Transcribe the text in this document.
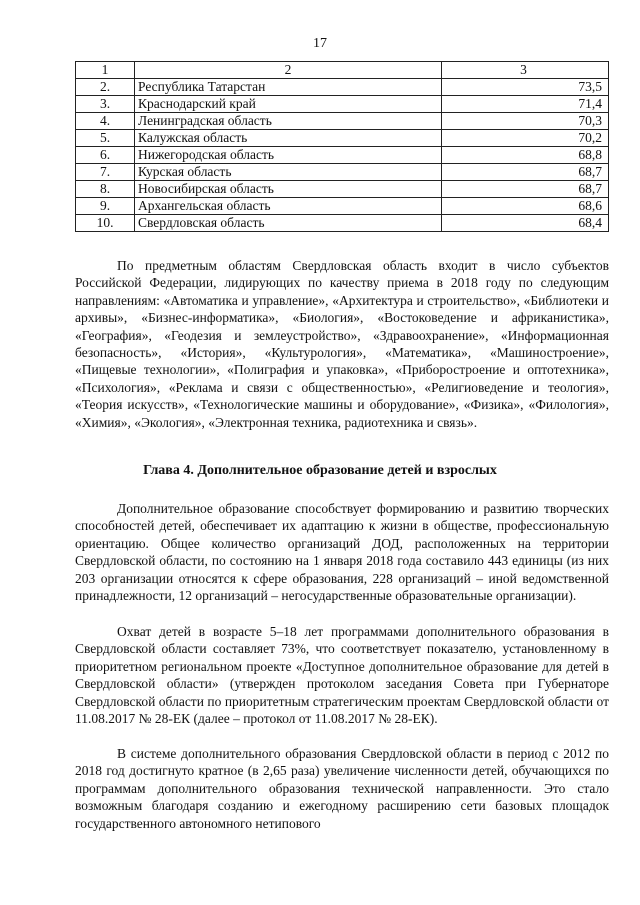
17
1	2	3
2.	Республика Татарстан	73,5
3.	Краснодарский край	71,4
4.	Ленинградская область	70,3
5.	Калужская область	70,2
6.	Нижегородская область	68,8
7.	Курская область	68,7
8.	Новосибирская область	68,7
9.	Архангельская область	68,6
10.	Свердловская область	68,4

По предметным областям Свердловская область входит в число субъектов Российской Федерации, лидирующих по качеству приема в 2018 году по следующим направлениям: «Автоматика и управление», «Архитектура и строительство», «Библиотеки и архивы», «Бизнес-информатика», «Биология», «Востоковедение и африканистика», «География», «Геодезия и землеустройство», «Здравоохранение», «Информационная безопасность», «История», «Культурология», «Математика», «Машиностроение», «Пищевые технологии», «Полиграфия и упаковка», «Приборостроение и оптотехника», «Психология», «Реклама и связи с общественностью», «Религиоведение и теология», «Теория искусств», «Технологические машины и оборудование», «Физика», «Филология», «Химия», «Экология», «Электронная техника, радиотехника и связь».

Глава 4. Дополнительное образование детей и взрослых

Дополнительное образование способствует формированию и развитию творческих способностей детей, обеспечивает их адаптацию к жизни в обществе, профессиональную ориентацию. Общее количество организаций ДОД, расположенных на территории Свердловской области, по состоянию на 1 января 2018 года составило 443 единицы (из них 203 организации относятся к сфере образования, 228 организаций – иной ведомственной принадлежности, 12 организаций – негосударственные образовательные организации).

Охват детей в возрасте 5–18 лет программами дополнительного образования в Свердловской области составляет 73%, что соответствует показателю, установленному в приоритетном региональном проекте «Доступное дополнительное образование для детей в Свердловской области» (утвержден протоколом заседания Совета при Губернаторе Свердловской области по приоритетным стратегическим проектам Свердловской области от 11.08.2017 № 28-ЕК (далее – протокол от 11.08.2017 № 28-ЕК).

В системе дополнительного образования Свердловской области в период с 2012 по 2018 год достигнуто кратное (в 2,65 раза) увеличение численности детей, обучающихся по программам дополнительного образования технической направленности. Это стало возможным благодаря созданию и ежегодному расширению сети базовых площадок государственного автономного нетипового
